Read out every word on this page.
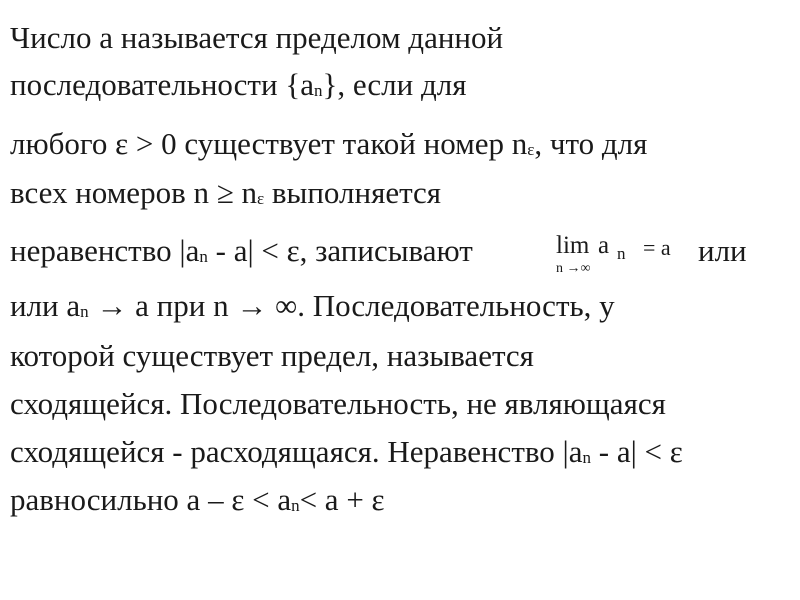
Число а называется пределом данной
последовательности {an}, если для
любого ε > 0 существует такой номер nε, что для
всех номеров n ≥ nε выполняется
неравенство |an - a| < ε, записывают	или
lim
n →∞
a n = a
или an → а при n → ∞. Последовательность, у
которой существует предел, называется
сходящейся. Последовательность, не являющаяся
сходящейся - расходящаяся. Неравенство |an - a| < ε
равносильно а – ε < an< а + ε
